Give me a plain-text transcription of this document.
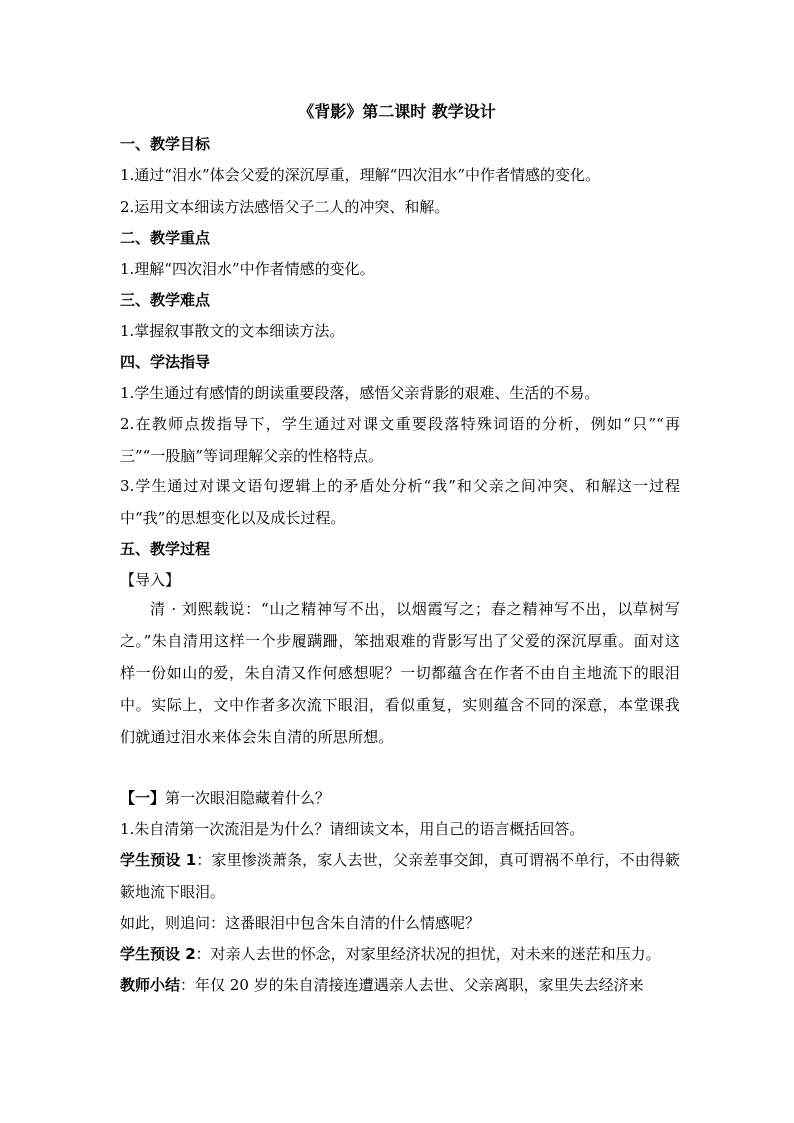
《背影》第二课时 教学设计
一、教学目标
1.通过“泪水”体会父爱的深沉厚重，理解“四次泪水”中作者情感的变化。
2.运用文本细读方法感悟父子二人的冲突、和解。
二、教学重点
1.理解“四次泪水”中作者情感的变化。
三、教学难点
1.掌握叙事散文的文本细读方法。
四、学法指导
1.学生通过有感情的朗读重要段落，感悟父亲背影的艰难、生活的不易。

2.在教师点拨指导下，学生通过对课文重要段落特殊词语的分析，例如“只”“再三”“一股脑”等词理解父亲的性格特点。

3.学生通过对课文语句逻辑上的矛盾处分析“我”和父亲之间冲突、和解这一过程中“我”的思想变化以及成长过程。

五、教学过程
【导入】

清 · 刘熙载说：“山之精神写不出，以烟霞写之；春之精神写不出，以草树写之。”朱自清用这样一个步履蹒跚，笨拙艰难的背影写出了父爱的深沉厚重。面对这样一份如山的爱，朱自清又作何感想呢？一切都蕴含在作者不由自主地流下的眼泪中。实际上，文中作者多次流下眼泪，看似重复，实则蕴含不同的深意，本堂课我们就通过泪水来体会朱自清的所思所想。

【一】第一次眼泪隐藏着什么？
1.朱自清第一次流泪是为什么？请细读文本，用自己的语言概括回答。

学生预设 1：家里惨淡萧条，家人去世，父亲差事交卸，真可谓祸不单行，不由得簌簌地流下眼泪。

如此，则追问：这番眼泪中包含朱自清的什么情感呢？
学生预设 2：对亲人去世的怀念，对家里经济状况的担忧，对未来的迷茫和压力。
教师小结：年仅 20 岁的朱自清接连遭遇亲人去世、父亲离职，家里失去经济来
